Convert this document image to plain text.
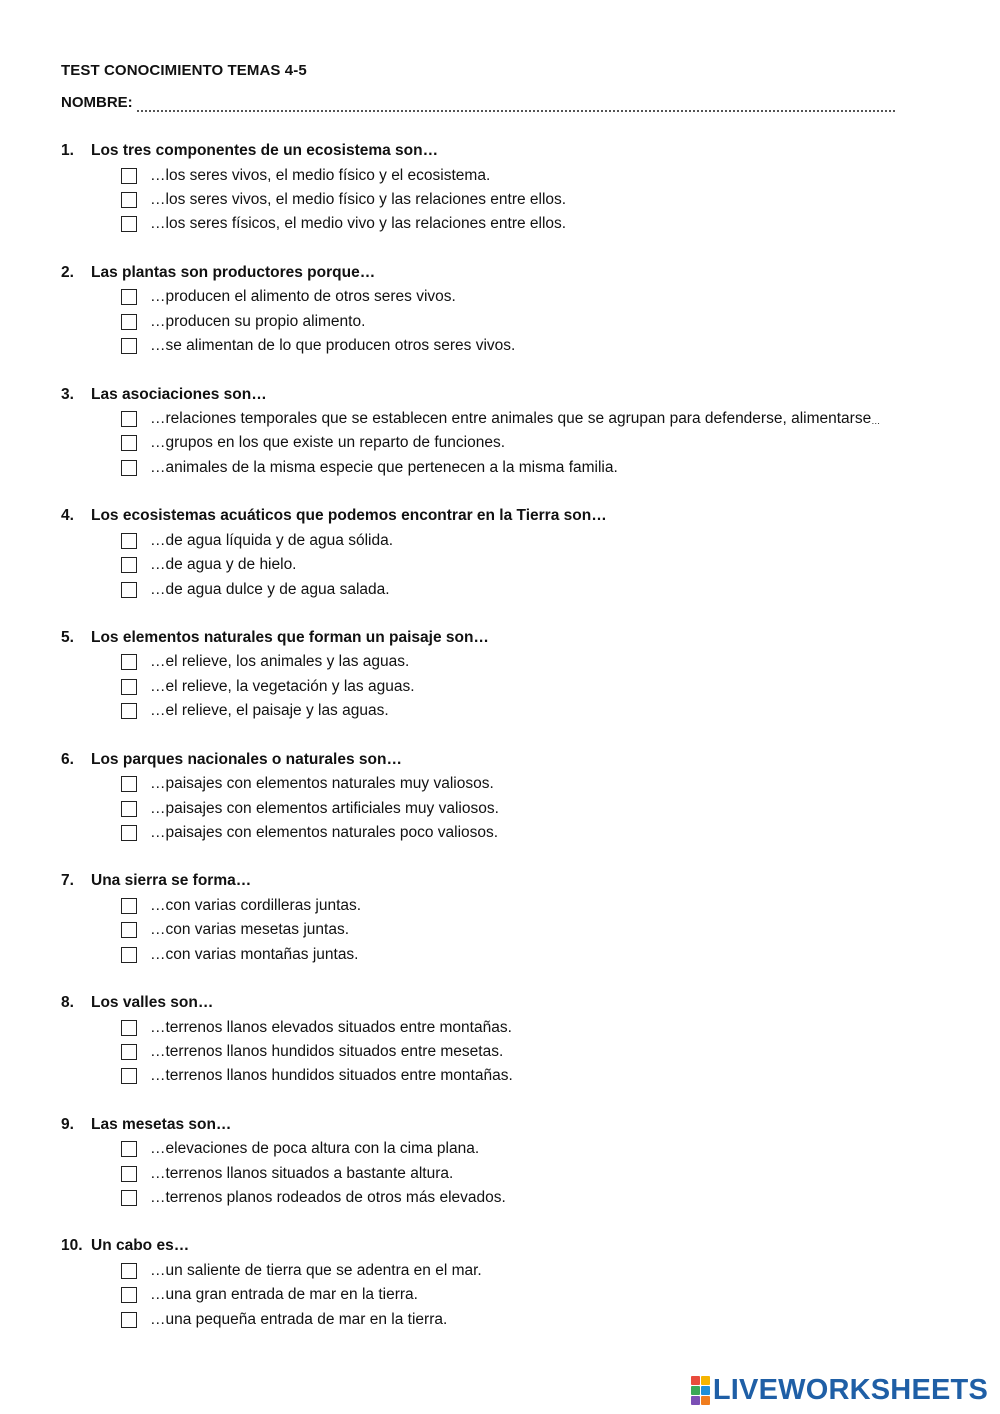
TEST CONOCIMIENTO TEMAS 4-5
NOMBRE:
1.	Los tres componentes de un ecosistema son…
…los seres vivos, el medio físico y el ecosistema.
…los seres vivos, el medio físico y las relaciones entre ellos.
…los seres físicos, el medio vivo y las relaciones entre ellos.
2.	Las plantas son productores porque…
…producen el alimento de otros seres vivos.
…producen su propio alimento.
…se alimentan de lo que producen otros seres vivos.
3.	Las asociaciones son…
…relaciones temporales que se establecen entre animales que se agrupan para defenderse, alimentarse …
…grupos en los que existe un reparto de funciones.
…animales de la misma especie que pertenecen a la misma familia.
4.	Los ecosistemas acuáticos que podemos encontrar en la Tierra son…
…de agua líquida y de agua sólida.
…de agua y de hielo.
…de agua dulce y de agua salada.
5.	Los elementos naturales que forman un paisaje son…
…el relieve, los animales y las aguas.
…el relieve, la vegetación y las aguas.
…el relieve, el paisaje y las aguas.
6.	Los parques nacionales o naturales son…
…paisajes con elementos naturales muy valiosos.
…paisajes con elementos artificiales muy valiosos.
…paisajes con elementos naturales poco valiosos.
7.	Una sierra se forma…
…con varias cordilleras juntas.
…con varias mesetas juntas.
…con varias montañas juntas.
8.	Los valles son…
…terrenos llanos elevados situados entre montañas.
…terrenos llanos hundidos situados entre mesetas.
…terrenos llanos hundidos situados entre montañas.
9.	Las mesetas son…
…elevaciones de poca altura con la cima plana.
…terrenos llanos situados a bastante altura.
…terrenos planos rodeados de otros más elevados.
10. Un cabo es…
…un saliente de tierra que se adentra en el mar.
…una gran entrada de mar en la tierra.
…una pequeña entrada de mar en la tierra.
LIVEWORKSHEETS
